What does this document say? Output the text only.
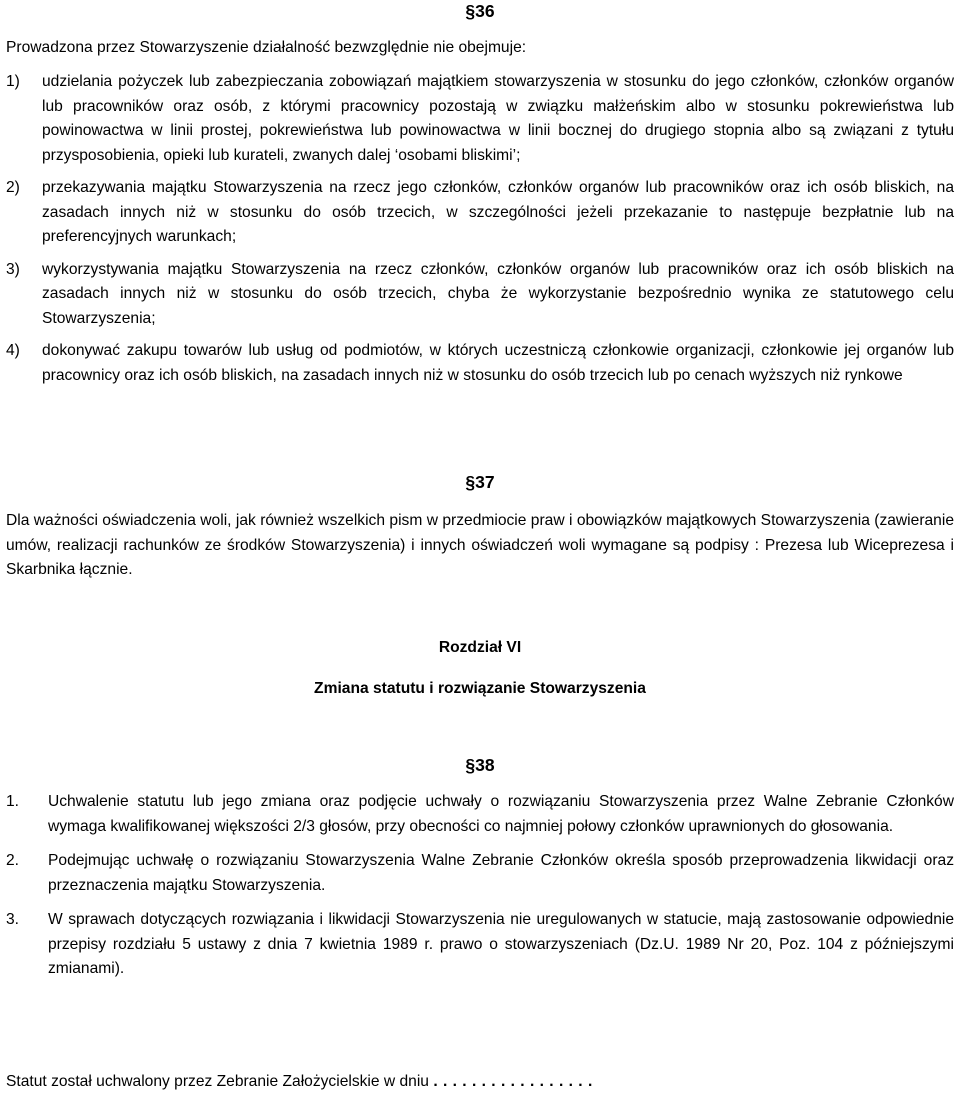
§36

Prowadzona przez Stowarzyszenie działalność bezwzględnie nie obejmuje:

1)	udzielania pożyczek lub zabezpieczania zobowiązań majątkiem stowarzyszenia w stosunku do jego członków, członków organów lub pracowników oraz osób, z którymi pracownicy pozostają w związku małżeńskim albo w stosunku pokrewieństwa lub powinowactwa w linii prostej, pokrewieństwa lub powinowactwa w linii bocznej do drugiego stopnia albo są związani z tytułu przysposobienia, opieki lub kurateli, zwanych dalej ‘osobami bliskimi’;
2)	przekazywania majątku Stowarzyszenia na rzecz jego członków, członków organów lub pracowników oraz ich osób bliskich, na zasadach innych niż w stosunku do osób trzecich, w szczególności jeżeli przekazanie to następuje bezpłatnie lub na preferencyjnych warunkach;
3)	wykorzystywania majątku Stowarzyszenia na rzecz członków, członków organów lub pracowników oraz ich osób bliskich na zasadach innych niż w stosunku do osób trzecich, chyba że wykorzystanie bezpośrednio wynika ze statutowego celu Stowarzyszenia;
4)	dokonywać zakupu towarów lub usług od podmiotów, w których uczestniczą członkowie organizacji, członkowie jej organów lub pracownicy oraz ich osób bliskich, na zasadach innych niż w stosunku do osób trzecich lub po cenach wyższych niż rynkowe
§37

Dla ważności oświadczenia woli, jak również wszelkich pism w przedmiocie praw i obowiązków majątkowych Stowarzyszenia (zawieranie umów, realizacji rachunków ze środków Stowarzyszenia) i innych oświadczeń woli wymagane są podpisy : Prezesa lub Wiceprezesa i Skarbnika łącznie.

Rozdział VI
Zmiana statutu i rozwiązanie Stowarzyszenia
§38
1.	Uchwalenie statutu lub jego zmiana oraz podjęcie uchwały o rozwiązaniu Stowarzyszenia przez Walne Zebranie Członków wymaga kwalifikowanej większości 2/3 głosów, przy obecności co najmniej połowy członków uprawnionych do głosowania.
2.	Podejmując uchwałę o rozwiązaniu Stowarzyszenia Walne Zebranie Członków określa sposób przeprowadzenia likwidacji oraz przeznaczenia majątku Stowarzyszenia.
3.	W sprawach dotyczących rozwiązania i likwidacji Stowarzyszenia nie uregulowanych w statucie, mają zastosowanie odpowiednie przepisy rozdziału 5 ustawy z dnia 7 kwietnia 1989 r. prawo o stowarzyszeniach (Dz.U. 1989 Nr 20, Poz. 104 z późniejszymi zmianami).
Statut został uchwalony przez Zebranie Założycielskie w dniu . . . . . . . . . . . . . . . . .
